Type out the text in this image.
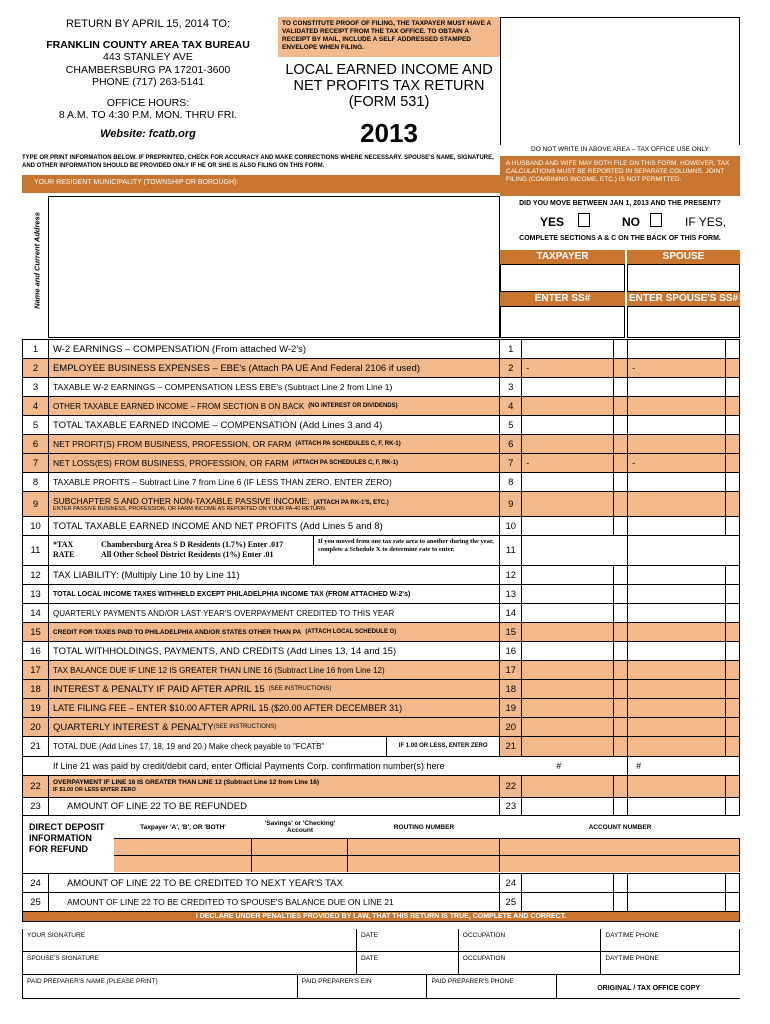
RETURN BY APRIL 15, 2014 TO:
FRANKLIN COUNTY AREA TAX BUREAU
443 STANLEY AVE
CHAMBERSBURG PA 17201-3600
PHONE (717) 263-5141
OFFICE HOURS:
8 A.M. TO 4:30 P.M. MON. THRU FRI.
Website: fcatb.org
TO CONSTITUTE PROOF OF FILING, THE TAXPAYER MUST HAVE A VALIDATED RECEIPT FROM THE TAX OFFICE. TO OBTAIN A RECEIPT BY MAIL, INCLUDE A SELF ADDRESSED STAMPED ENVELOPE WHEN FILING.
LOCAL EARNED INCOME AND
NET PROFITS TAX RETURN
(FORM 531)
2013
DO NOT WRITE IN ABOVE AREA – TAX OFFICE USE ONLY
TYPE OR PRINT INFORMATION BELOW. IF PREPRINTED, CHECK FOR ACCURACY AND MAKE CORRECTIONS WHERE NECESSARY. SPOUSE'S NAME, SIGNATURE, AND OTHER INFORMATION SHOULD BE PROVIDED ONLY IF HE OR SHE IS ALSO FILING ON THIS FORM.
YOUR RESIDENT MUNICIPALITY (TOWNSHIP OR BOROUGH):
A HUSBAND AND WIFE MAY BOTH FILE ON THIS FORM. HOWEVER, TAX CALCULATIONS MUST BE REPORTED IN SEPARATE COLUMNS. JOINT FILING (COMBINING INCOME, ETC.) IS NOT PERMITTED.
Name and Current Address
DID YOU MOVE BETWEEN JAN 1, 2013 AND THE PRESENT?
YES	NO	IF YES,
COMPLETE SECTIONS A & C ON THE BACK OF THIS FORM.
TAXPAYER	SPOUSE
ENTER SS#	ENTER SPOUSE'S SS#
1	W-2 EARNINGS – COMPENSATION (From attached W-2's)	1
2	EMPLOYEE BUSINESS EXPENSES – EBE's (Attach PA UE And Federal 2106 if used)	2	-	-
3	TAXABLE W-2 EARNINGS – COMPENSATION LESS EBE's (Subtract Line 2 from Line 1)	3
4	OTHER TAXABLE EARNED INCOME – FROM SECTION B ON BACK (NO INTEREST OR DIVIDENDS)	4
5	TOTAL TAXABLE EARNED INCOME – COMPENSATION (Add Lines 3 and 4)	5
6	NET PROFIT(S) FROM BUSINESS, PROFESSION, OR FARM (ATTACH PA SCHEDULES C, F, RK-1)	6
7	NET LOSS(ES) FROM BUSINESS, PROFESSION, OR FARM (ATTACH PA SCHEDULES C, F, RK-1)	7	-	-
8	TAXABLE PROFITS – Subtract Line 7 from Line 6 (IF LESS THAN ZERO, ENTER ZERO)	8
9	SUBCHAPTER S AND OTHER NON-TAXABLE PASSIVE INCOME: (ATTACH PA RK-1'S, ETC.)
ENTER PASSIVE BUSINESS, PROFESSION, OR FARM INCOME AS REPORTED ON YOUR PA-40 RETURN.	9
10	TOTAL TAXABLE EARNED INCOME AND NET PROFITS (Add Lines 5 and 8)	10
11
*TAX
RATE
Chambersburg Area S D Residents (1.7%) Enter .017
All Other School District Residents (1%) Enter .01
If you moved from one tax rate area to another during the year, complete a Schedule X to determine rate to enter.	11
12	TAX LIABILITY: (Multiply Line 10 by Line 11)	12
13	TOTAL LOCAL INCOME TAXES WITHHELD EXCEPT PHILADELPHIA INCOME TAX (FROM ATTACHED W-2's)	13
14	QUARTERLY PAYMENTS AND/OR LAST YEAR'S OVERPAYMENT CREDITED TO THIS YEAR	14
15	CREDIT FOR TAXES PAID TO PHILADELPHIA AND/OR STATES OTHER THAN PA (ATTACH LOCAL SCHEDULE G)	15
16	TOTAL WITHHOLDINGS, PAYMENTS, AND CREDITS (Add Lines 13, 14 and 15)	16
17	TAX BALANCE DUE IF LINE 12 IS GREATER THAN LINE 16 (Subtract Line 16 from Line 12)	17
18	INTEREST & PENALTY IF PAID AFTER APRIL 15 (SEE INSTRUCTIONS)	18
19	LATE FILING FEE – ENTER $10.00 AFTER APRIL 15 ($20.00 AFTER DECEMBER 31)	19
20	QUARTERLY INTEREST & PENALTY (SEE INSTRUCTIONS)	20
21	TOTAL DUE (Add Lines 17, 18, 19 and 20.) Make check payable to "FCATB"	IF 1.00 OR LESS, ENTER ZERO	21
If Line 21 was paid by credit/debit card, enter Official Payments Corp. confirmation number(s) here	#	#
22	OVERPAYMENT IF LINE 16 IS GREATER THAN LINE 12 (Subtract Line 12 from Line 16)
IF $1.00 OR LESS ENTER ZERO	22
23	AMOUNT OF LINE 22 TO BE REFUNDED	23
DIRECT DEPOSIT INFORMATION FOR REFUND
Taxpayer 'A', 'B', OR 'BOTH'	'Savings' or 'Checking' Account	ROUTING NUMBER	ACCOUNT NUMBER
24	AMOUNT OF LINE 22 TO BE CREDITED TO NEXT YEAR'S TAX	24
25	AMOUNT OF LINE 22 TO BE CREDITED TO SPOUSE'S BALANCE DUE ON LINE 21	25
I DECLARE UNDER PENALTIES PROVIDED BY LAW, THAT THIS RETURN IS TRUE, COMPLETE AND CORRECT.
YOUR SIGNATURE	DATE	OCCUPATION	DAYTIME PHONE
SPOUSE'S SIGNATURE	DATE	OCCUPATION	DAYTIME PHONE
PAID PREPARER'S NAME (PLEASE PRINT)	PAID PREPARER'S EIN	PAID PREPARER'S PHONE
ORIGINAL / TAX OFFICE COPY
